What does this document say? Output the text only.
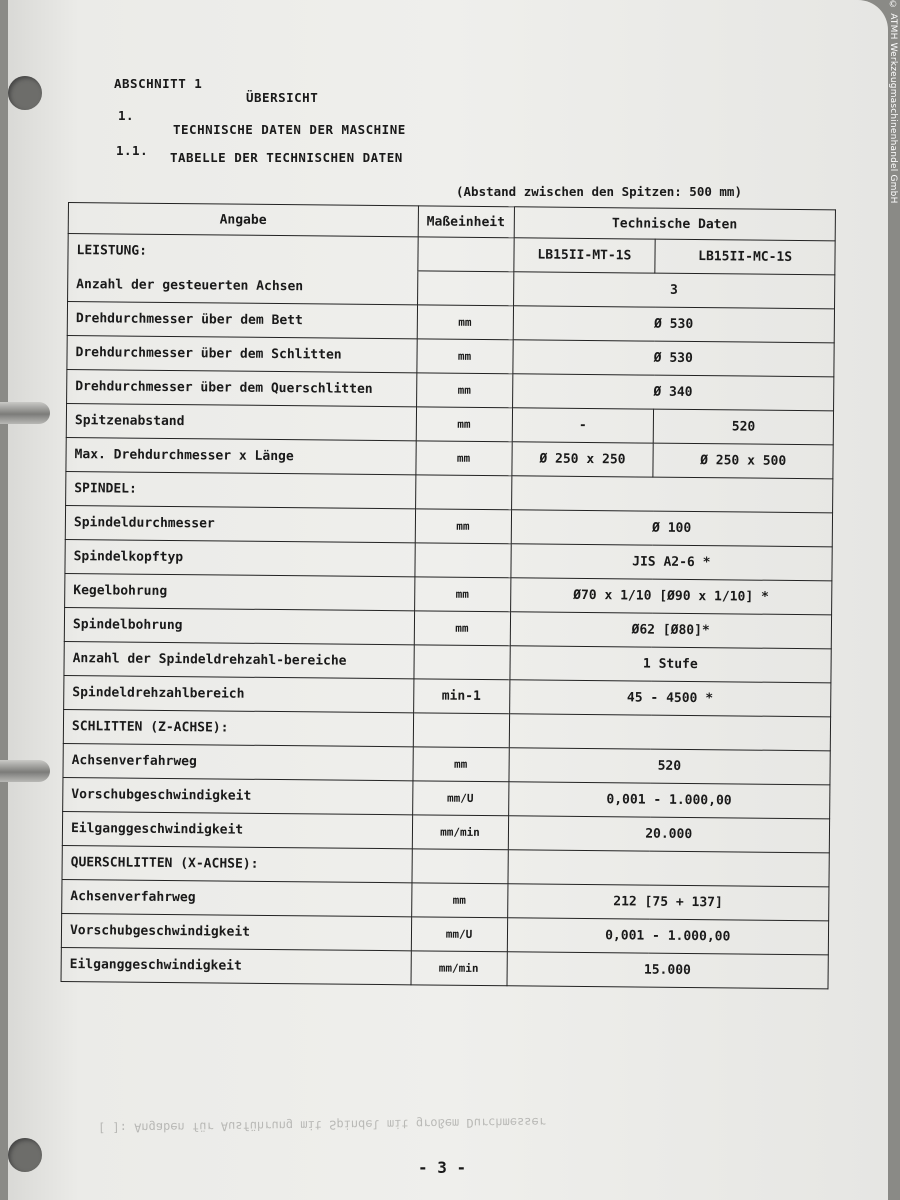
[ ]: Angaben für Ausführung mit Spindel mit großem Durchmesser
ABSCHNITT 1
ÜBERSICHT
1.
TECHNISCHE DATEN DER MASCHINE
1.1. TABELLE DER TECHNISCHEN DATEN
(Abstand zwischen den Spitzen: 500 mm)
Angabe	Maßeinheit	Technische Daten	
LEISTUNG:		LB15II-MT-1S	LB15II-MC-1S
Anzahl der gesteuerten Achsen		3	
Drehdurchmesser über dem Bett	mm	Ø 530	
Drehdurchmesser über dem Schlitten	mm	Ø 530	
Drehdurchmesser über dem Querschlitten	mm	Ø 340	
Spitzenabstand	mm	-	520
Max. Drehdurchmesser x Länge	mm	Ø 250 x 250	Ø 250 x 500
SPINDEL:			
Spindeldurchmesser	mm	Ø 100	
Spindelkopftyp		JIS A2-6 *	
Kegelbohrung	mm	Ø70 x 1/10 [Ø90 x 1/10] *	
Spindelbohrung	mm	Ø62 [Ø80]*	
Anzahl der Spindeldrehzahl-bereiche		1 Stufe	
Spindeldrehzahlbereich	min-1	45 - 4500 *	
SCHLITTEN (Z-ACHSE):			
Achsenverfahrweg	mm	520	
Vorschubgeschwindigkeit	mm/U	0,001 - 1.000,00	
Eilganggeschwindigkeit	mm/min	20.000	
QUERSCHLITTEN (X-ACHSE):			
Achsenverfahrweg	mm	212 [75 + 137]	
Vorschubgeschwindigkeit	mm/U	0,001 - 1.000,00	
Eilganggeschwindigkeit	mm/min	15.000	
- 3 -
© ATMH Werkzeugmaschinenhandel GmbH
